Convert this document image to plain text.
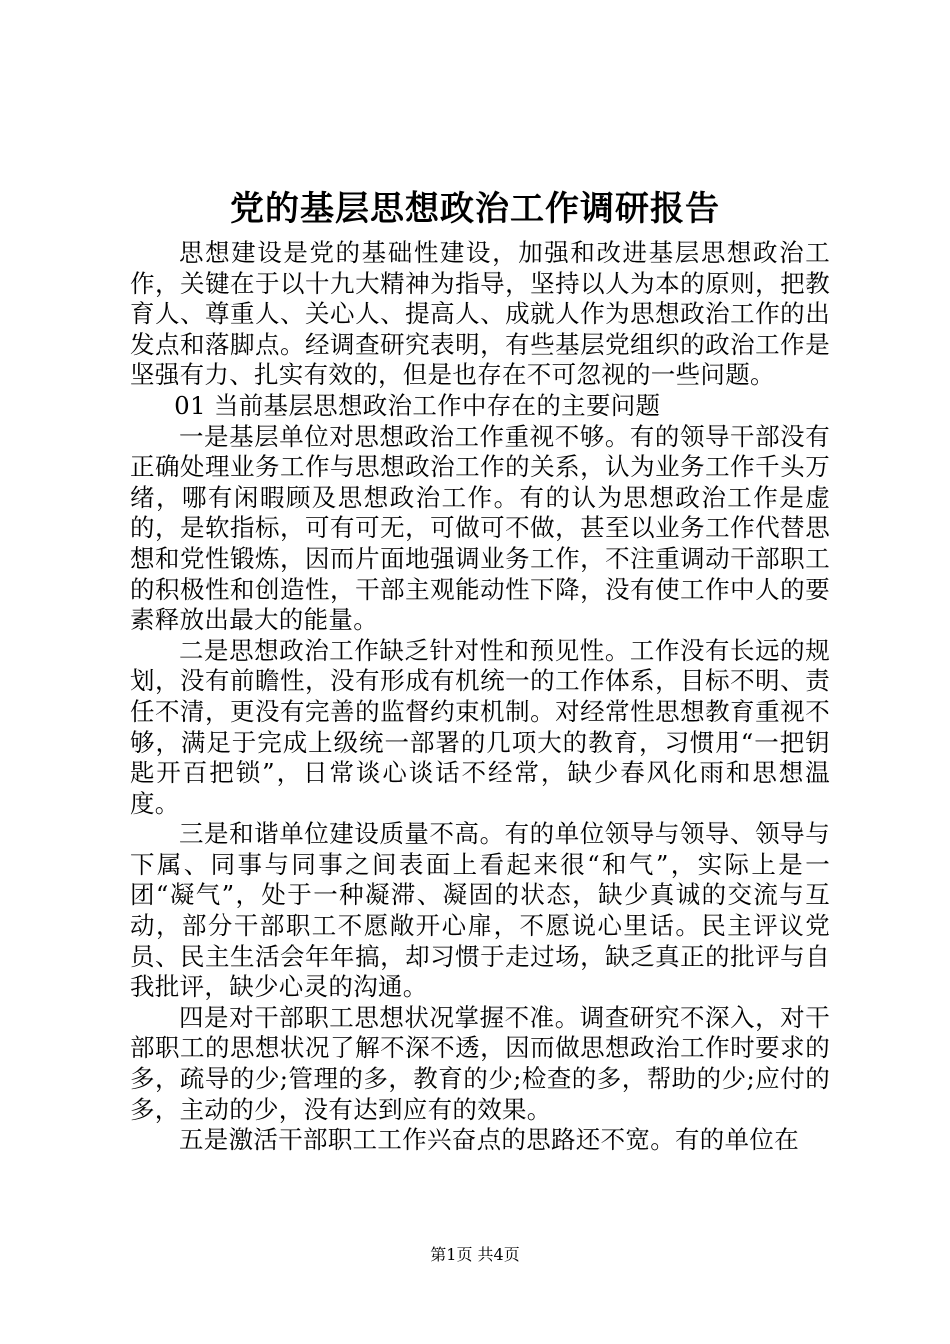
党的基层思想政治工作调研报告

思想建设是党的基础性建设，加强和改进基层思想政治工作，关键在于以十九大精神为指导，坚持以人为本的原则，把教育人、尊重人、关心人、提高人、成就人作为思想政治工作的出发点和落脚点。经调查研究表明，有些基层党组织的政治工作是坚强有力、扎实有效的，但是也存在不可忽视的一些问题。

01 当前基层思想政治工作中存在的主要问题

一是基层单位对思想政治工作重视不够。有的领导干部没有正确处理业务工作与思想政治工作的关系，认为业务工作千头万绪，哪有闲暇顾及思想政治工作。有的认为思想政治工作是虚的，是软指标，可有可无，可做可不做，甚至以业务工作代替思想和党性锻炼，因而片面地强调业务工作，不注重调动干部职工的积极性和创造性，干部主观能动性下降，没有使工作中人的要素释放出最大的能量。

二是思想政治工作缺乏针对性和预见性。工作没有长远的规划，没有前瞻性，没有形成有机统一的工作体系，目标不明、责任不清，更没有完善的监督约束机制。对经常性思想教育重视不够，满足于完成上级统一部署的几项大的教育，习惯用“一把钥匙开百把锁”，日常谈心谈话不经常，缺少春风化雨和思想温度。

三是和谐单位建设质量不高。有的单位领导与领导、领导与下属、同事与同事之间表面上看起来很“和气”，实际上是一团“凝气”，处于一种凝滞、凝固的状态，缺少真诚的交流与互动，部分干部职工不愿敞开心扉，不愿说心里话。民主评议党员、民主生活会年年搞，却习惯于走过场，缺乏真正的批评与自我批评，缺少心灵的沟通。

四是对干部职工思想状况掌握不准。调查研究不深入，对干部职工的思想状况了解不深不透，因而做思想政治工作时要求的多，疏导的少;管理的多，教育的少;检查的多，帮助的少;应付的多，主动的少，没有达到应有的效果。

五是激活干部职工工作兴奋点的思路还不宽。有的单位在

第1页 共4页
